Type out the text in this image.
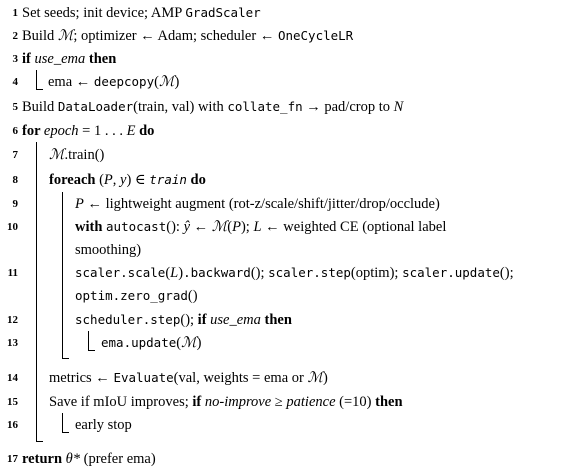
1 Set seeds; init device; AMP GradScaler
2 Build ℳ; optimizer ← Adam; scheduler ← OneCycleLR
3 if use_ema then
4 ema ← deepcopy(ℳ)
5 Build DataLoader(train, val) with collate_fn → pad/crop to N
6 for epoch = 1 . . . E do
7 ℳ.train()
8 foreach (P, y) ∈ train do
9	P ← lightweight augment (rot-z/scale/shift/jitter/drop/occlude)
10	with autocast(): ŷ ← ℳ(P); L ← weighted CE (optional label
smoothing)
11	scaler.scale(L).backward(); scaler.step(optim); scaler.update();
optim.zero_grad()
12	scheduler.step(); if use_ema then
13	ema.update(ℳ)
14 metrics ← Evaluate(val, weights = ema or ℳ)
15 Save if mIoU improves; if no-improve ≥ patience (=10) then
16	early stop
17 return θ* (prefer ema)
